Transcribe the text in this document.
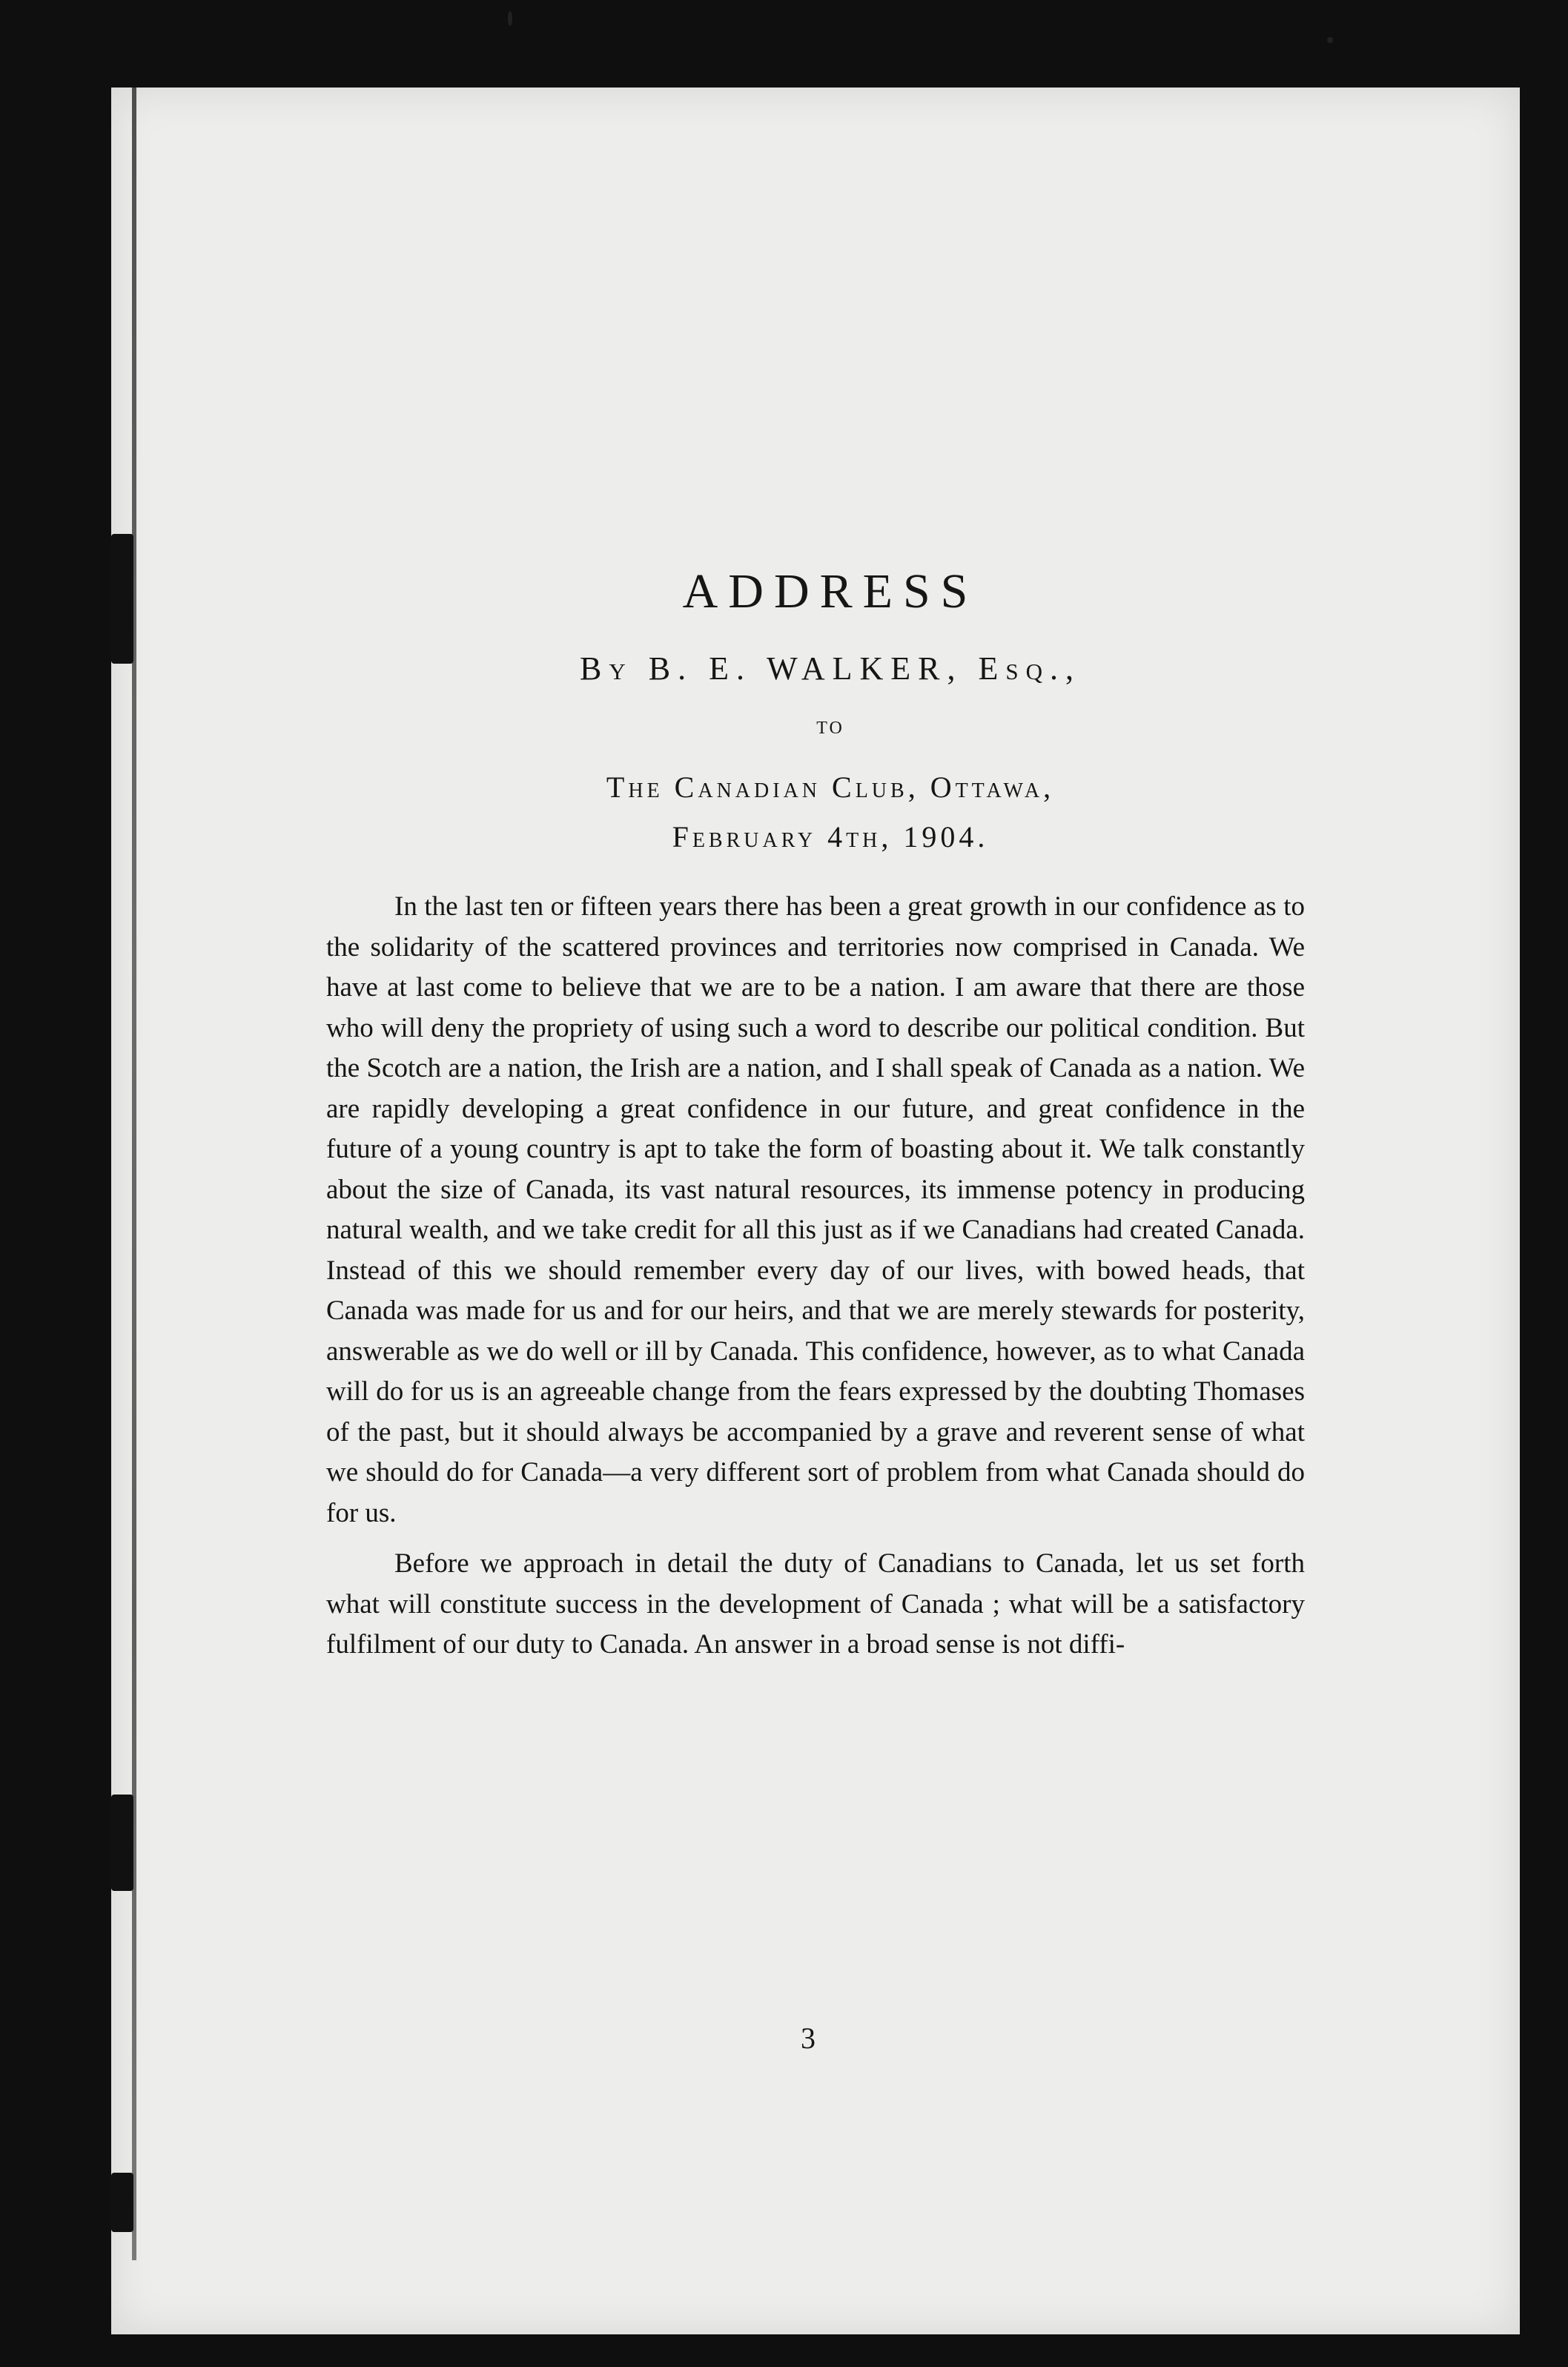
ADDRESS
By B. E. WALKER, Esq.,
TO
The Canadian Club, Ottawa,
February 4th, 1904.

In the last ten or fifteen years there has been a great growth in our confidence as to the solidarity of the scattered provinces and territories now comprised in Canada. We have at last come to believe that we are to be a nation. I am aware that there are those who will deny the propriety of using such a word to describe our political condition. But the Scotch are a nation, the Irish are a nation, and I shall speak of Canada as a nation. We are rapidly developing a great confidence in our future, and great confidence in the future of a young country is apt to take the form of boasting about it. We talk constantly about the size of Canada, its vast natural resources, its immense potency in producing natural wealth, and we take credit for all this just as if we Canadians had created Canada. Instead of this we should remember every day of our lives, with bowed heads, that Canada was made for us and for our heirs, and that we are merely stewards for posterity, answerable as we do well or ill by Canada. This confidence, however, as to what Canada will do for us is an agreeable change from the fears expressed by the doubting Thomases of the past, but it should always be accompanied by a grave and reverent sense of what we should do for Canada—a very different sort of problem from what Canada should do for us.

Before we approach in detail the duty of Canadians to Canada, let us set forth what will constitute success in the development of Canada ; what will be a satisfactory fulfilment of our duty to Canada. An answer in a broad sense is not diffi-

3
